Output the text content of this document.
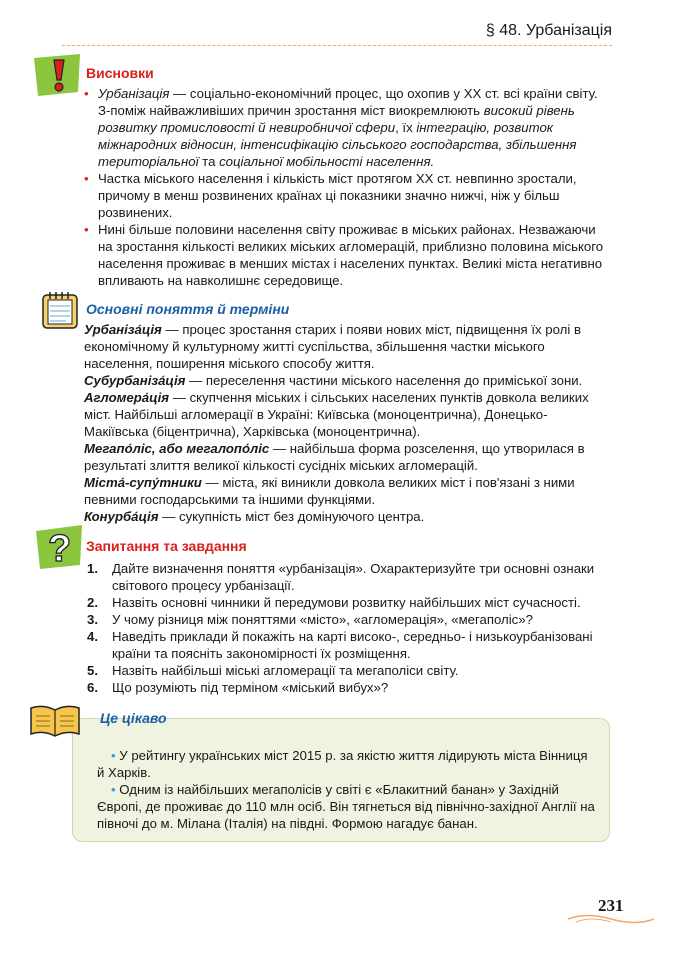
§ 48. Урбанізація
Висновки
• Урбанізація — соціально-економічний процес, що охопив у XX ст. всі країни світу. З-поміж найважливіших причин зростання міст виокремлюють високий рівень розвитку промисловості й невиробничої сфери, їх інтеграцію, розвиток міжнародних відносин, інтенсифікацію сільського господарства, збільшення територіальної та соціальної мобільності населення.
• Частка міського населення і кількість міст протягом XX ст. невпинно зростали, причому в менш розвинених країнах ці показники значно нижчі, ніж у більш розвинених.
• Нині більше половини населення світу проживає в міських районах. Незважаючи на зростання кількості великих міських агломерацій, приблизно половина міського населення проживає в менших містах і населених пунктах. Великі міста негативно впливають на навколишнє середовище.
Основні поняття й терміни
Урбаніза́ція — процес зростання старих і появи нових міст, підвищення їх ролі в економічному й культурному житті суспільства, збільшення частки міського населення, поширення міського способу життя.
Субурбаніза́ція — переселення частини міського населення до приміської зони.
Агломера́ція — скупчення міських і сільських населених пунктів довкола великих міст. Найбільші агломерації в Україні: Київська (моноцентрична), Донецько-Макіївська (біцентрична), Харківська (моноцентрична).
Мегапо́ліс, або мегалопо́ліс — найбільша форма розселення, що утворилася в результаті злиття великої кількості сусідніх міських агломерацій.
Міста́-супу́тники — міста, які виникли довкола великих міст і пов'язані з ними певними господарськими та іншими функціями.
Конурба́ція — сукупність міст без домінуючого центра.
? Запитання та завдання
1. Дайте визначення поняття «урбанізація». Охарактеризуйте три основні ознаки світового процесу урбанізації.
2. Назвіть основні чинники й передумови розвитку найбільших міст сучасності.
3. У чому різниця між поняттями «місто», «агломерація», «мегаполіс»?
4. Наведіть приклади й покажіть на карті високо-, середньо- і низькоурбанізовані країни та поясніть закономірності їх розміщення.
5. Назвіть найбільші міські агломерації та мегаполіси світу.
6. Що розуміють під терміном «міський вибух»?
• У рейтингу українських міст 2015 р. за якістю життя лідирують міста Вінниця й Харків.
• Одним із найбільших мегаполісів у світі є «Блакитний банан» у Західній Європі, де проживає до 110 млн осіб. Він тягнеться від північно-західної Англії на півночі до м. Мілана (Італія) на півдні. Формою нагадує банан.
Це цікаво
231
